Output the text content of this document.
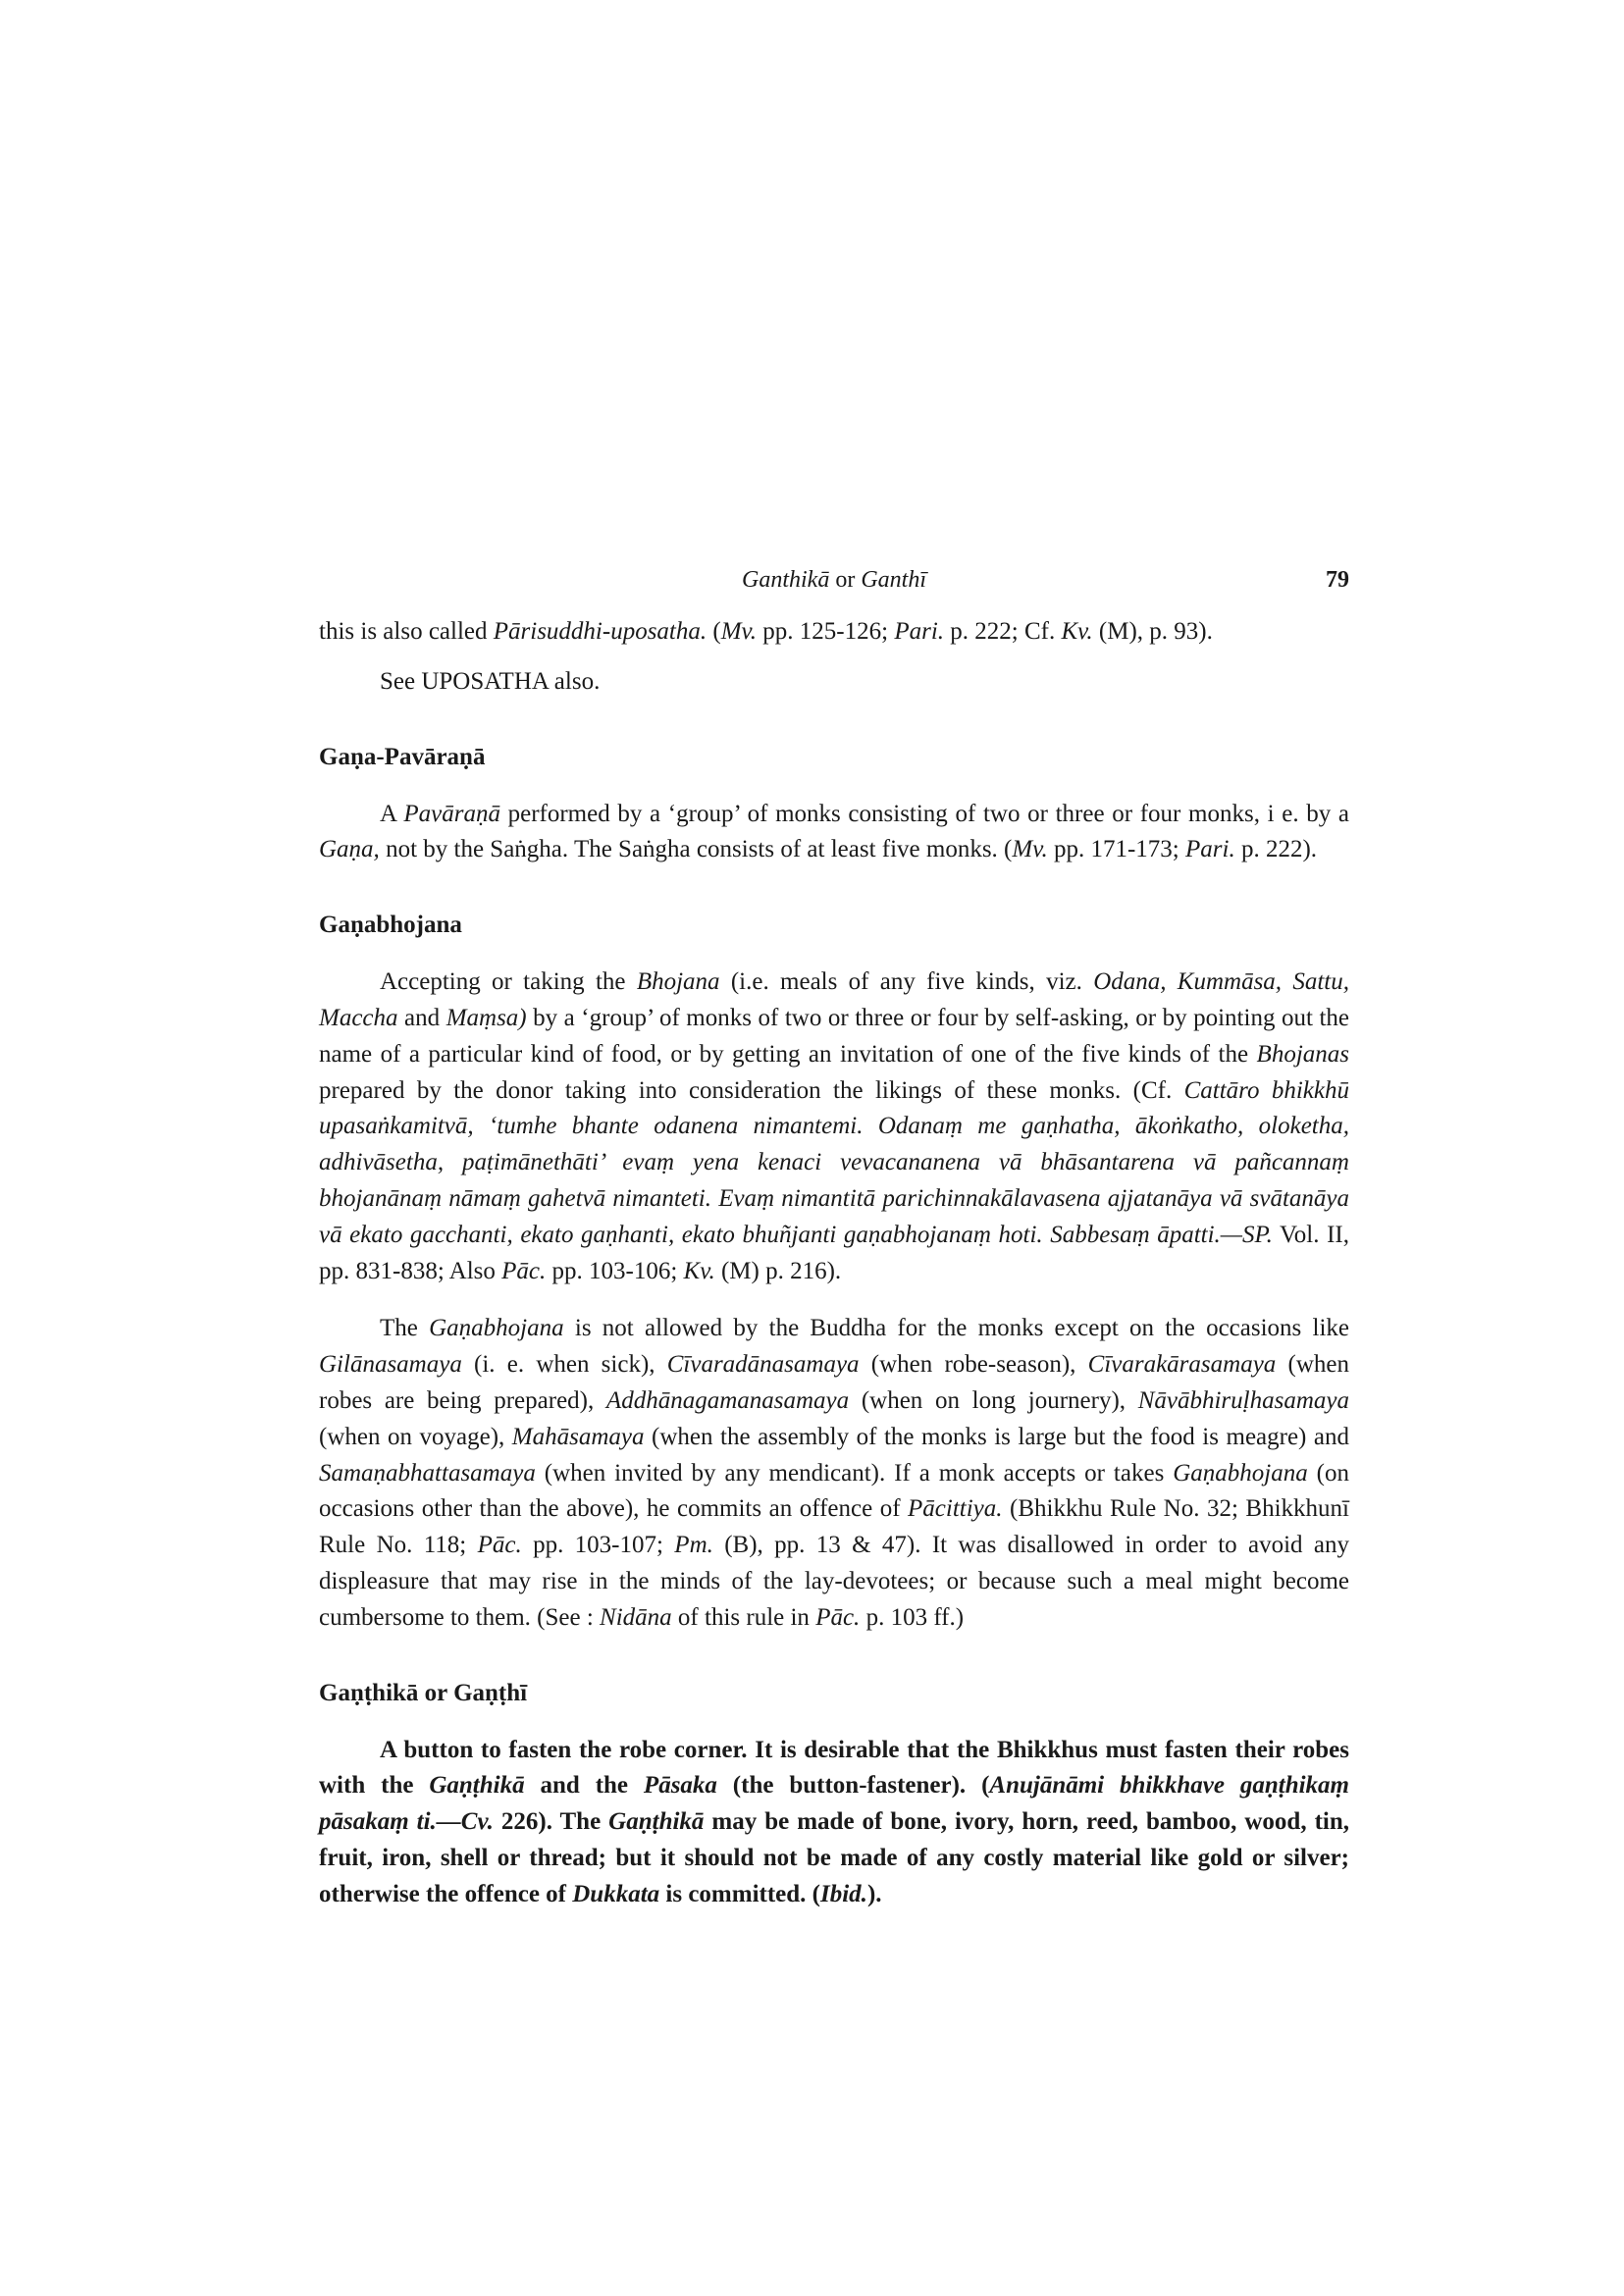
Ganthikā or Ganthī	79

this is also called Pārisuddhi-uposatha. (Mv. pp. 125-126; Pari. p. 222; Cf. Kv. (M), p. 93).

See UPOSATHA also.

Gaṇa-Pavāraṇā

A Pavāraṇā performed by a ‘group’ of monks consisting of two or three or four monks, i e. by a Gaṇa, not by the Saṅgha. The Saṅgha consists of at least five monks. (Mv. pp. 171-173; Pari. p. 222).

Gaṇabhojana

Accepting or taking the Bhojana (i.e. meals of any five kinds, viz. Odana, Kummāsa, Sattu, Maccha and Maṃsa) by a ‘group’ of monks of two or three or four by self-asking, or by pointing out the name of a particular kind of food, or by getting an invitation of one of the five kinds of the Bhojanas prepared by the donor taking into consideration the likings of these monks. (Cf. Cattāro bhikkhū upasaṅkamitvā, ‘tumhe bhante odanena nimantemi. Odanaṃ me gaṇhatha, ākoṅkatho, oloketha, adhivāsetha, paṭimānethāti’ evaṃ yena kenaci vevacananena vā bhāsantarena vā pañcannaṃ bhojanānaṃ nāmaṃ gahetvā nimanteti. Evaṃ nimantitā parichinnakālavasena ajjatanāya vā svātanāya vā ekato gacchanti, ekato gaṇhanti, ekato bhuñjanti gaṇabhojanaṃ hoti. Sabbesaṃ āpatti.—SP. Vol. II, pp. 831-838; Also Pāc. pp. 103-106; Kv. (M) p. 216).

The Gaṇabhojana is not allowed by the Buddha for the monks except on the occasions like Gilānasamaya (i. e. when sick), Cīvaradānasamaya (when robe-season), Cīvarakārasamaya (when robes are being prepared), Addhānagamanasamaya (when on long journery), Nāvābhiruḷhasamaya (when on voyage), Mahāsamaya (when the assembly of the monks is large but the food is meagre) and Samaṇabhattasamaya (when invited by any mendicant). If a monk accepts or takes Gaṇabhojana (on occasions other than the above), he commits an offence of Pācittiya. (Bhikkhu Rule No. 32; Bhikkhunī Rule No. 118; Pāc. pp. 103-107; Pm. (B), pp. 13 & 47). It was disallowed in order to avoid any displeasure that may rise in the minds of the lay-devotees; or because such a meal might become cumbersome to them. (See : Nidāna of this rule in Pāc. p. 103 ff.)

Gaṇṭhikā or Gaṇṭhī

A button to fasten the robe corner. It is desirable that the Bhikkhus must fasten their robes with the Gaṇṭhikā and the Pāsaka (the button-fastener). (Anujānāmi bhikkhave gaṇṭhikaṃ pāsakaṃ ti.—Cv. 226). The Gaṇṭhikā may be made of bone, ivory, horn, reed, bamboo, wood, tin, fruit, iron, shell or thread; but it should not be made of any costly material like gold or silver; otherwise the offence of Dukkata is committed. (Ibid.).
